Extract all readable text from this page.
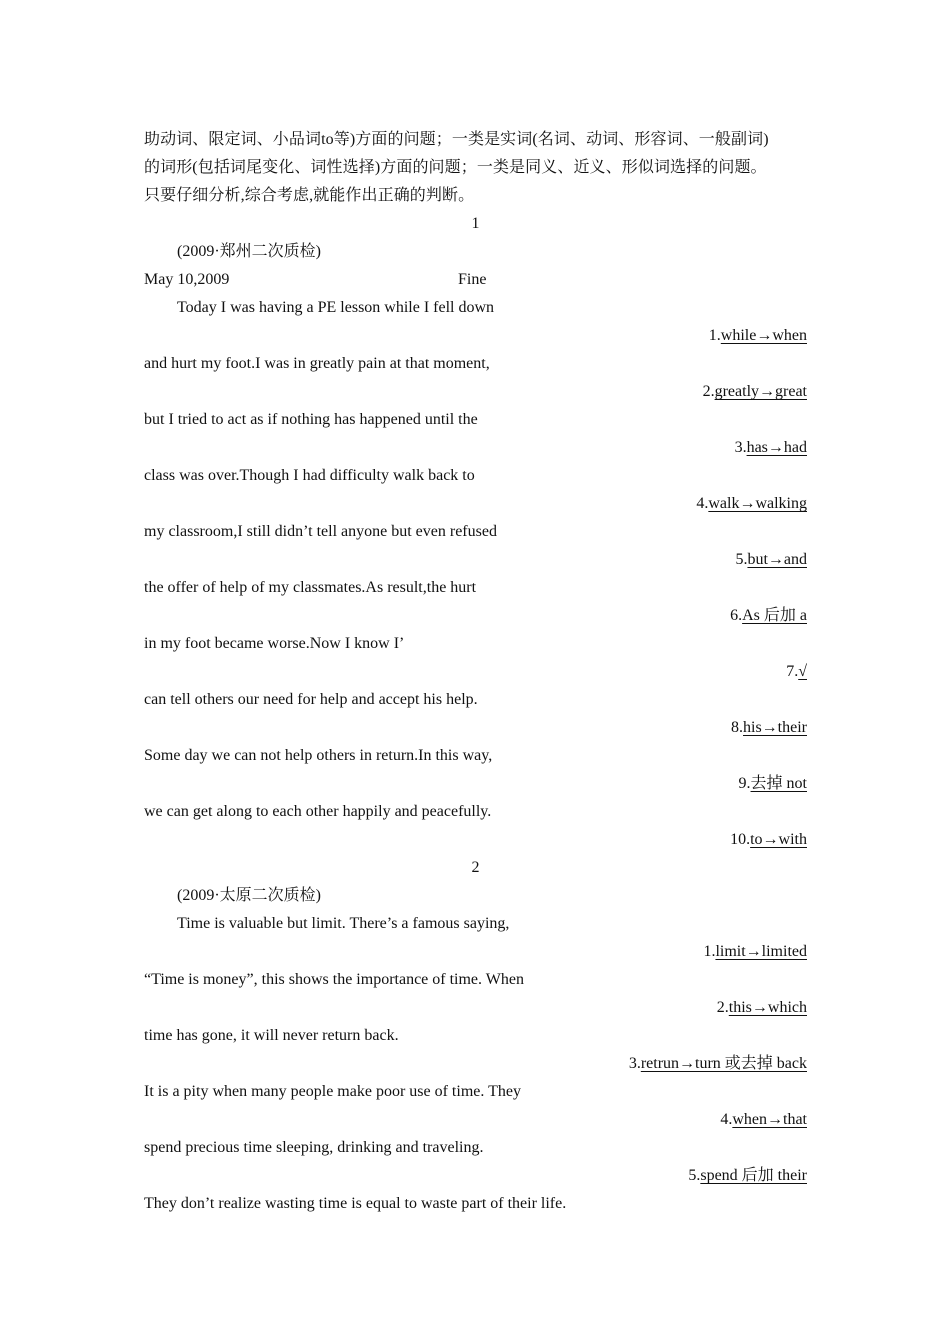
助动词、限定词、小品词to等)方面的问题；一类是实词(名词、动词、形容词、一般副词)
的词形(包括词尾变化、词性选择)方面的问题；一类是同义、近义、形似词选择的问题。
只要仔细分析,综合考虑,就能作出正确的判断。
1
(2009·郑州二次质检)
May 10,2009	Fine
Today I was having a PE lesson while I fell down
1.while→when
and hurt my foot.I was in greatly pain at that moment,
2.greatly→great
but I tried to act as if nothing has happened until the
3.has→had
class was over.Though I had difficulty walk back to
4.walk→walking
my classroom,I still didn’t tell anyone but even refused
5.but→and
the offer of help of my classmates.As result,the hurt
6.As 后加 a
in my foot became worse.Now I know I’
7.√
can tell others our need for help and accept his help.
8.his→their
Some day we can not help others in return.In this way,
9.去掉 not
we can get along to each other happily and peacefully.
10.to→with
2
(2009·太原二次质检)
Time is valuable but limit. There’s a famous saying,
1.limit→limited
“Time is money”, this shows the importance of time. When
2.this→which
time has gone, it will never return back.
3.retrun→turn 或去掉 back
It is a pity when many people make poor use of time. They
4.when→that
spend precious time sleeping, drinking and traveling.
5.spend 后加 their
They don’t realize wasting time is equal to waste part of their life.
